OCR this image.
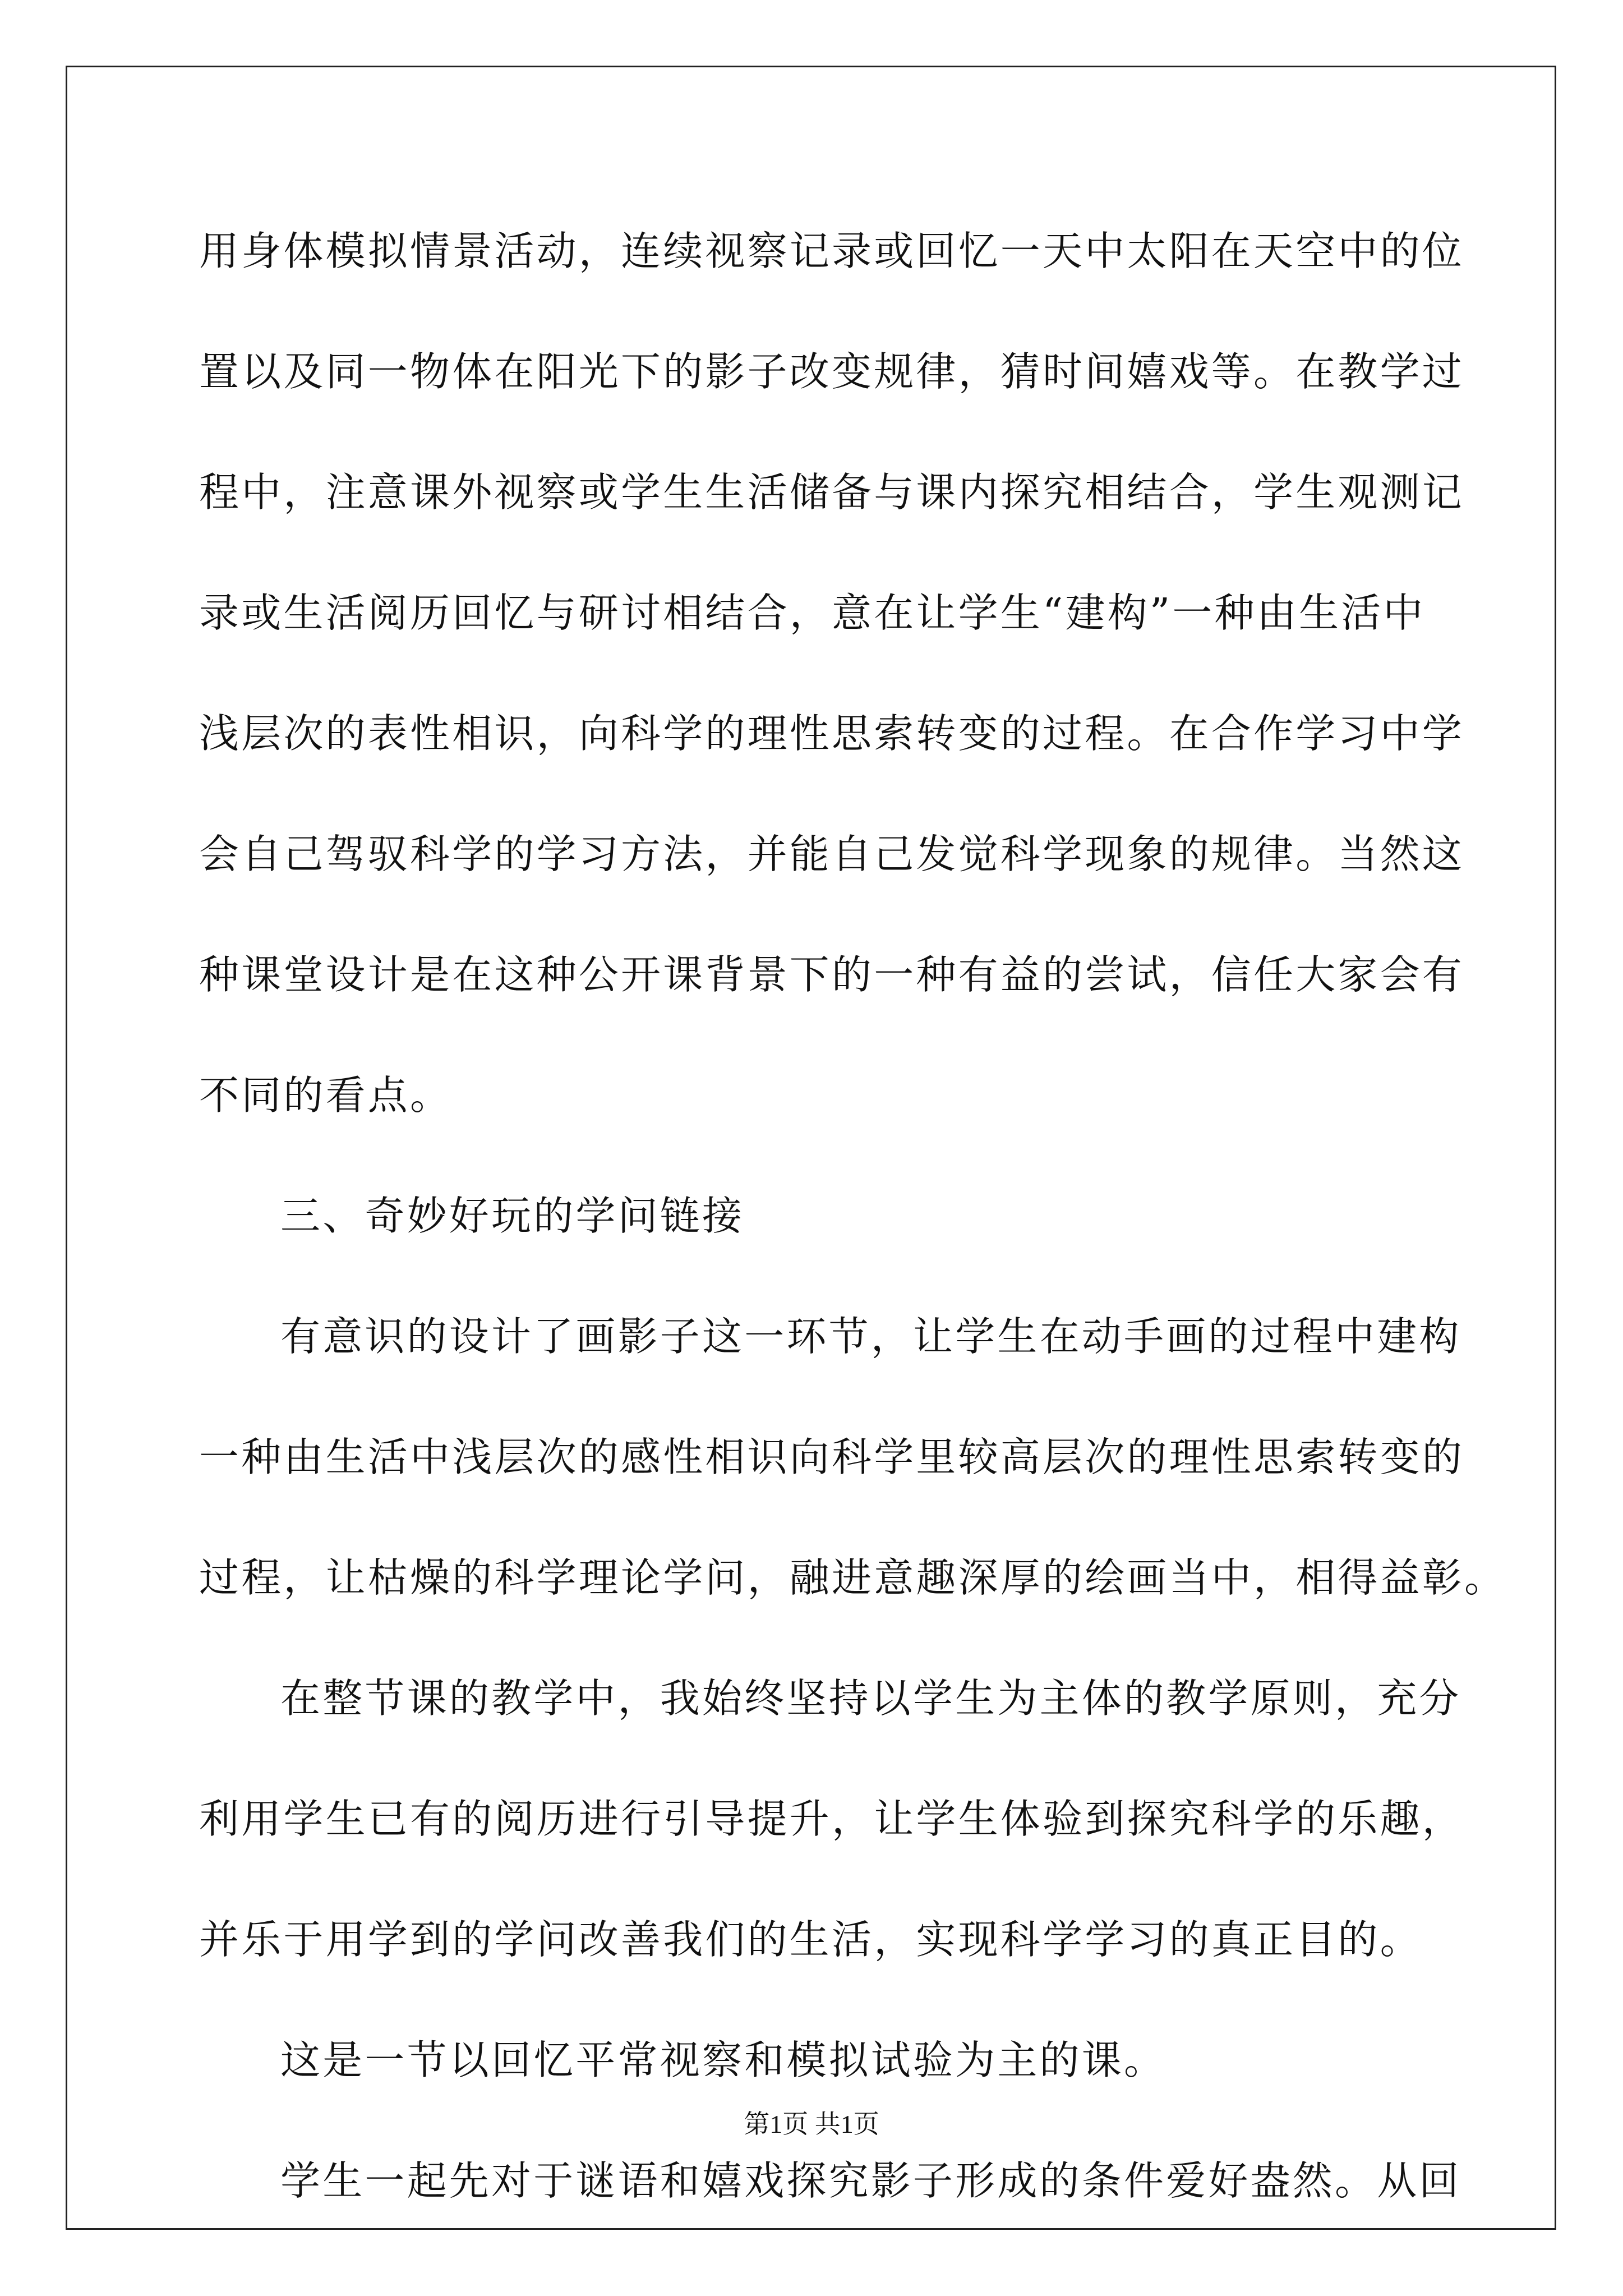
用身体模拟情景活动，连续视察记录或回忆一天中太阳在天空中的位
置以及同一物体在阳光下的影子改变规律，猜时间嬉戏等。在教学过
程中，注意课外视察或学生生活储备与课内探究相结合，学生观测记
录或生活阅历回忆与研讨相结合，意在让学生“建构”一种由生活中
浅层次的表性相识，向科学的理性思索转变的过程。在合作学习中学
会自己驾驭科学的学习方法，并能自己发觉科学现象的规律。当然这
种课堂设计是在这种公开课背景下的一种有益的尝试，信任大家会有
不同的看点。
三、奇妙好玩的学问链接
有意识的设计了画影子这一环节，让学生在动手画的过程中建构
一种由生活中浅层次的感性相识向科学里较高层次的理性思索转变的
过程，让枯燥的科学理论学问，融进意趣深厚的绘画当中，相得益彰。
在整节课的教学中，我始终坚持以学生为主体的教学原则，充分
利用学生已有的阅历进行引导提升，让学生体验到探究科学的乐趣，
并乐于用学到的学问改善我们的生活，实现科学学习的真正目的。
这是一节以回忆平常视察和模拟试验为主的课。
学生一起先对于谜语和嬉戏探究影子形成的条件爱好盎然。从回
第1页 共1页
